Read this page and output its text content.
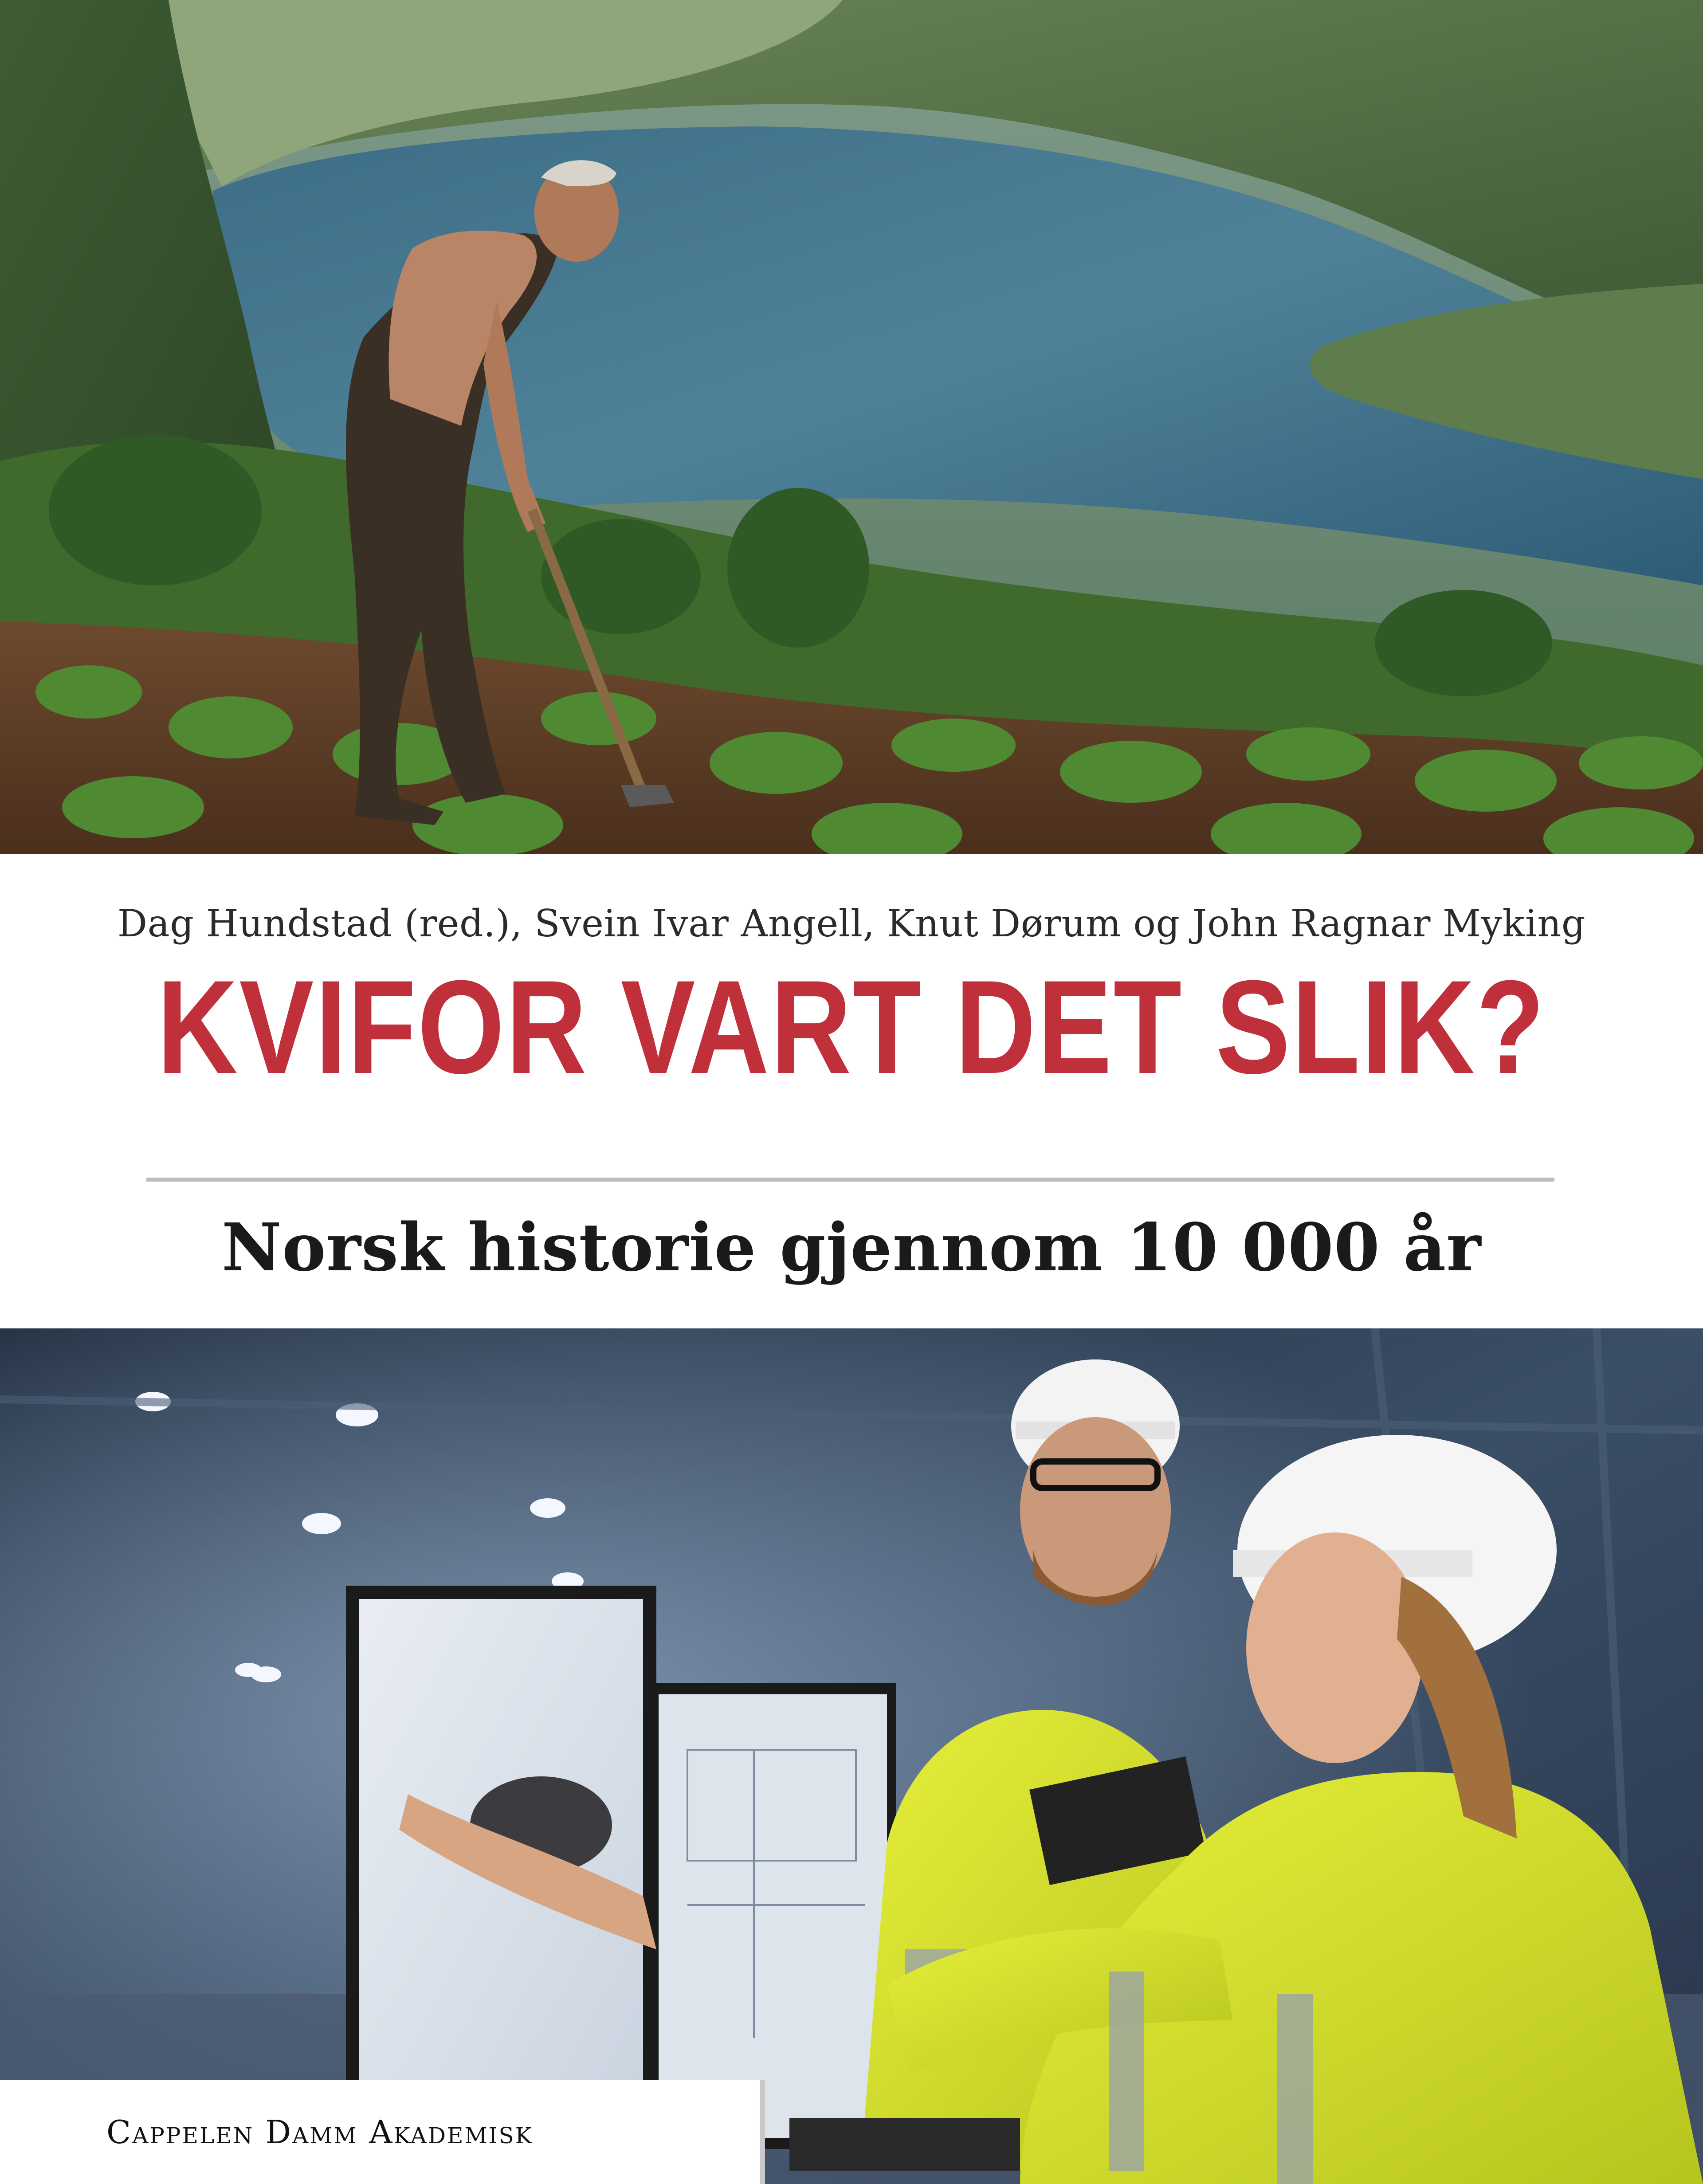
Dag Hundstad (red.), Svein Ivar Angell, Knut Dørum og John Ragnar Myking
KVIFOR VART DET SLIK?
Norsk historie gjennom 10 000 år
Cappelen Damm Akademisk
